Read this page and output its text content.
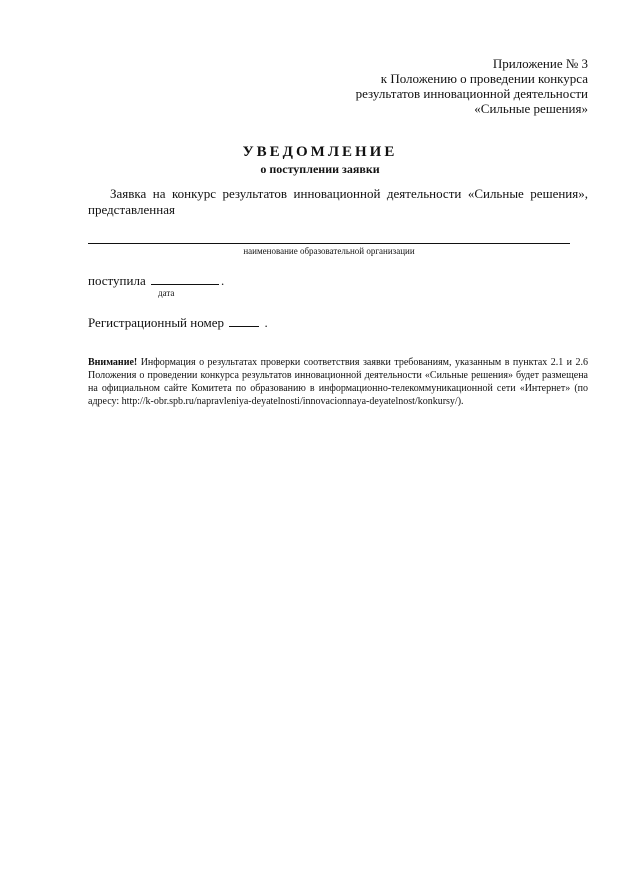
Приложение № 3
к Положению о проведении конкурса
результатов инновационной деятельности
«Сильные решения»
УВЕДОМЛЕНИЕ
о поступлении заявки
Заявка на конкурс результатов инновационной деятельности «Сильные решения», представленная
наименование образовательной организации
поступила	.
дата
Регистрационный номер	.
Внимание! Информация о результатах проверки соответствия заявки требованиям, указанным в пунктах 2.1 и 2.6 Положения о проведении конкурса результатов инновационной деятельности «Сильные решения» будет размещена на официальном сайте Комитета по образованию в информационно-телекоммуникационной сети «Интернет» (по адресу: http://k-obr.spb.ru/napravleniya-deyatelnosti/innovacionnaya-deyatelnost/konkursy/).
